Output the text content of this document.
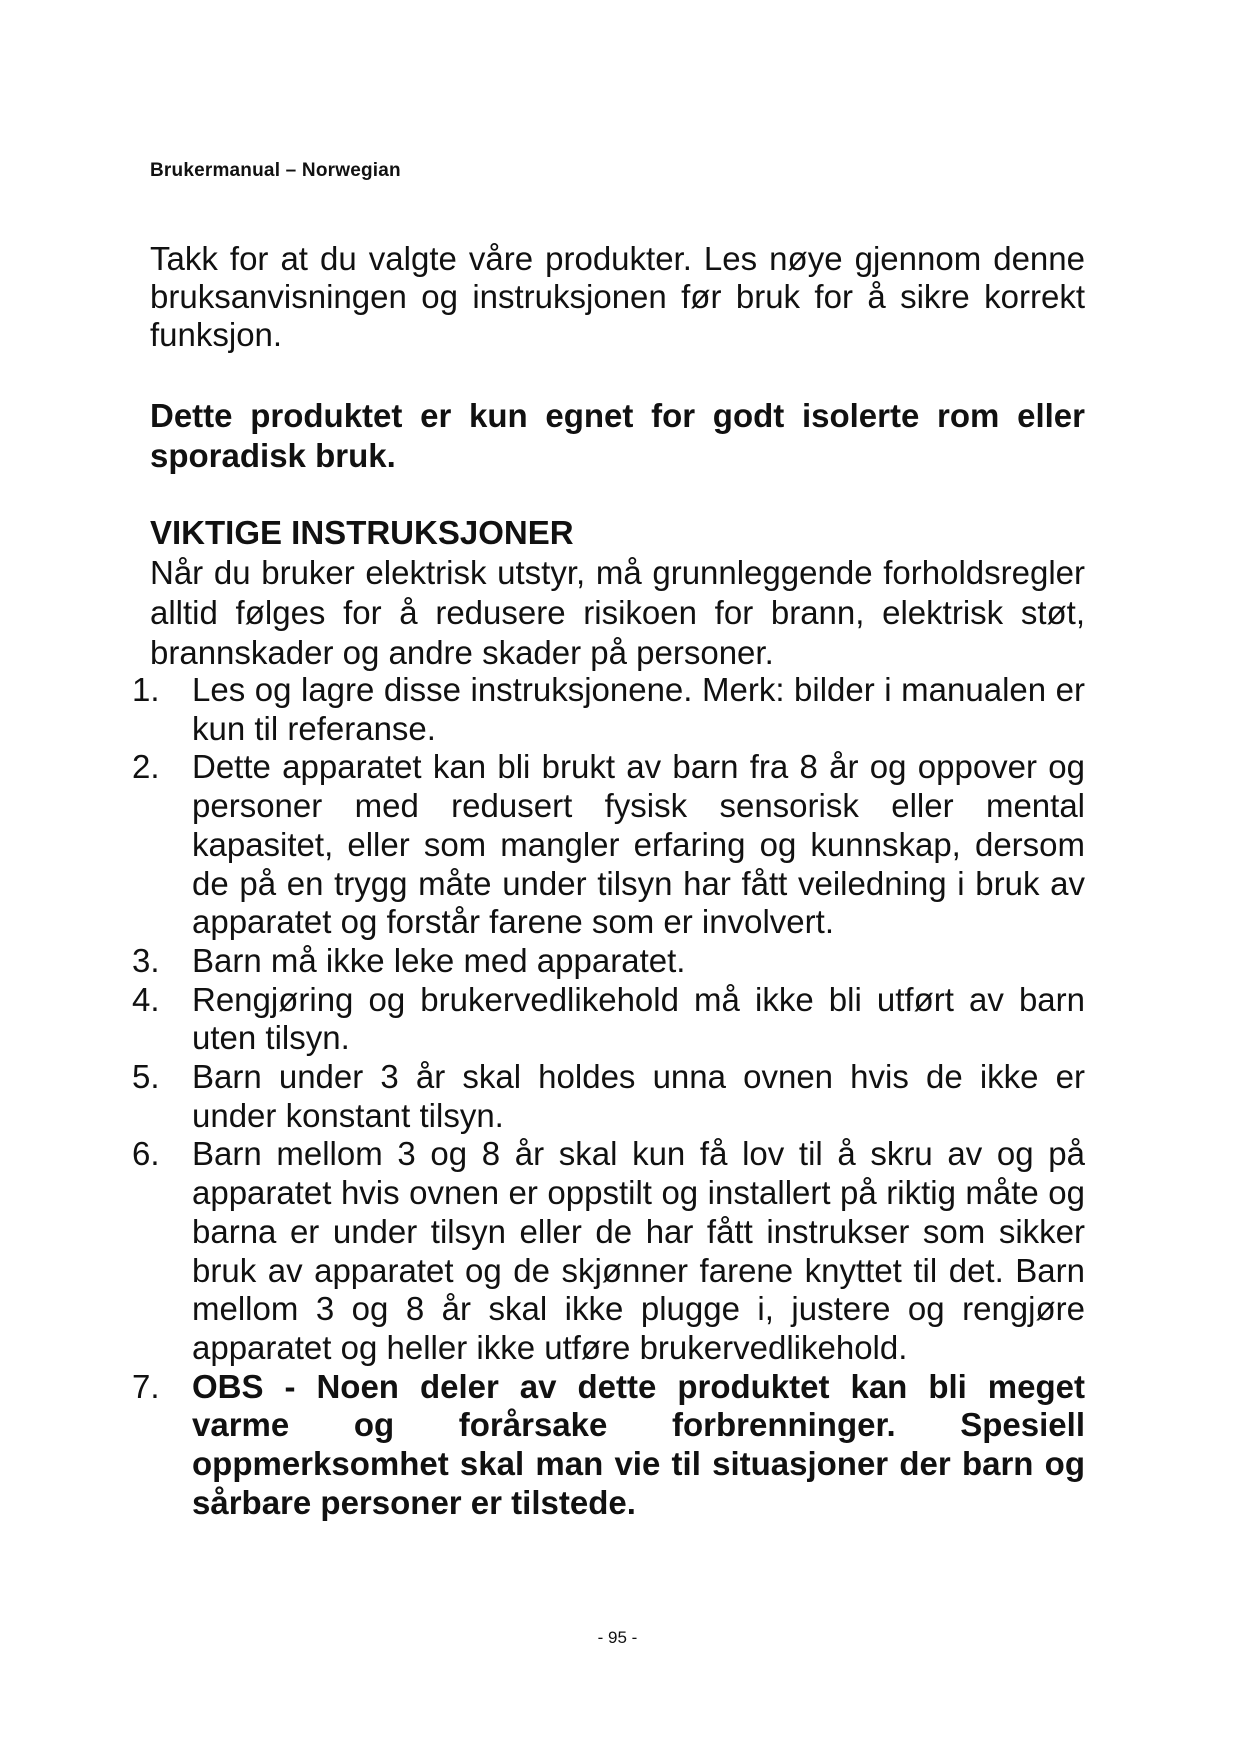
Brukermanual – Norwegian
Takk for at du valgte våre produkter. Les nøye gjennom denne bruksanvisningen og instruksjonen før bruk for å sikre korrekt funksjon.
Dette produktet er kun egnet for godt isolerte rom eller sporadisk bruk.
VIKTIGE INSTRUKSJONER
Når du bruker elektrisk utstyr, må grunnleggende forholdsregler alltid følges for å redusere risikoen for brann, elektrisk støt, brannskader og andre skader på personer.
1. Les og lagre disse instruksjonene. Merk: bilder i manualen er kun til referanse.
2. Dette apparatet kan bli brukt av barn fra 8 år og oppover og personer med redusert fysisk sensorisk eller mental kapasitet, eller som mangler erfaring og kunnskap, dersom de på en trygg måte under tilsyn har fått veiledning i bruk av apparatet og forstår farene som er involvert.
3. Barn må ikke leke med apparatet.
4. Rengjøring og brukervedlikehold må ikke bli utført av barn uten tilsyn.
5. Barn under 3 år skal holdes unna ovnen hvis de ikke er under konstant tilsyn.
6. Barn mellom 3 og 8 år skal kun få lov til å skru av og på apparatet hvis ovnen er oppstilt og installert på riktig måte og barna er under tilsyn eller de har fått instrukser som sikker bruk av apparatet og de skjønner farene knyttet til det. Barn mellom 3 og 8 år skal ikke plugge i, justere og rengjøre apparatet og heller ikke utføre brukervedlikehold.
7. OBS - Noen deler av dette produktet kan bli meget varme og forårsake forbrenninger. Spesiell oppmerksomhet skal man vie til situasjoner der barn og sårbare personer er tilstede.
- 95 -
